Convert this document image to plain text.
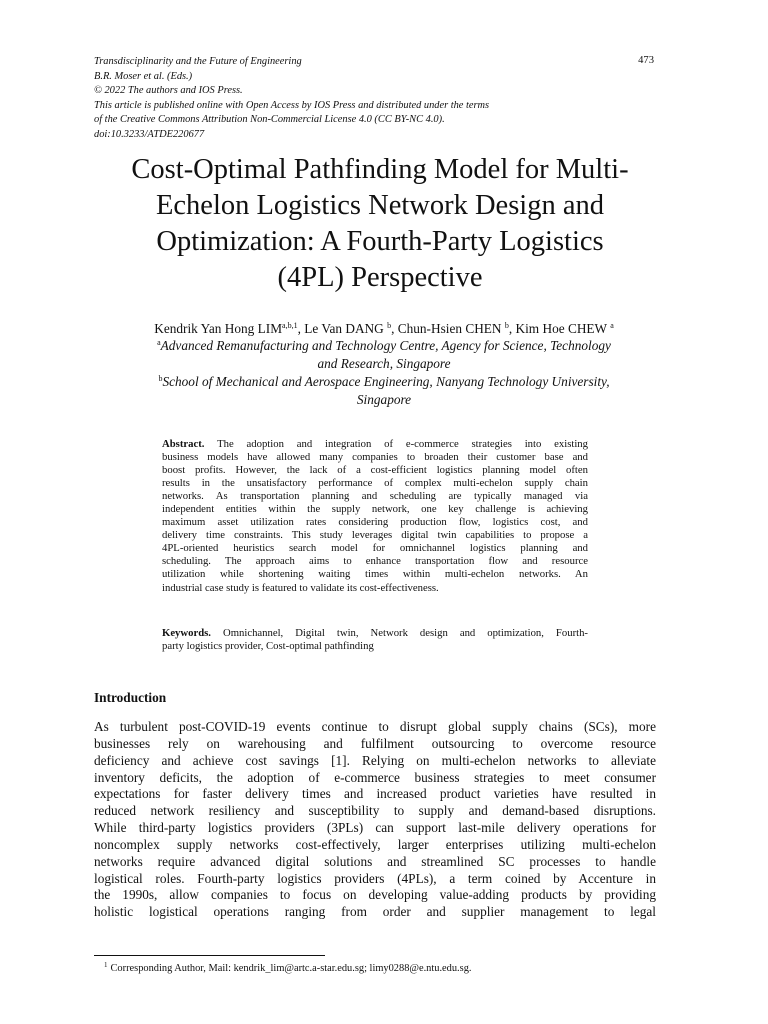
Transdisciplinarity and the Future of Engineering
B.R. Moser et al. (Eds.)
© 2022 The authors and IOS Press.
This article is published online with Open Access by IOS Press and distributed under the terms
of the Creative Commons Attribution Non-Commercial License 4.0 (CC BY-NC 4.0).
doi:10.3233/ATDE220677
473
Cost-Optimal Pathfinding Model for Multi-
Echelon Logistics Network Design and
Optimization: A Fourth-Party Logistics
(4PL) Perspective
Kendrik Yan Hong LIM$^{a,b,1}$, Le Van DANG $^b$, Chun-Hsien CHEN $^b$, Kim Hoe CHEW $^a$
$^a$Advanced Remanufacturing and Technology Centre, Agency for Science, Technology
and Research, Singapore
$^b$School of Mechanical and Aerospace Engineering, Nanyang Technology University,
Singapore
Abstract. The adoption and integration of e-commerce strategies into existing
business models have allowed many companies to broaden their customer base and
boost profits. However, the lack of a cost-efficient logistics planning model often
results in the unsatisfactory performance of complex multi-echelon supply chain
networks. As transportation planning and scheduling are typically managed via
independent entities within the supply network, one key challenge is achieving
maximum asset utilization rates considering production flow, logistics cost, and
delivery time constraints. This study leverages digital twin capabilities to propose a
4PL-oriented heuristics search model for omnichannel logistics planning and
scheduling. The approach aims to enhance transportation flow and resource
utilization while shortening waiting times within multi-echelon networks. An
industrial case study is featured to validate its cost-effectiveness.
Keywords. Omnichannel, Digital twin, Network design and optimization, Fourth-
party logistics provider, Cost-optimal pathfinding
Introduction
As turbulent post-COVID-19 events continue to disrupt global supply chains (SCs), more
businesses rely on warehousing and fulfilment outsourcing to overcome resource
deficiency and achieve cost savings [1]. Relying on multi-echelon networks to alleviate
inventory deficits, the adoption of e-commerce business strategies to meet consumer
expectations for faster delivery times and increased product varieties have resulted in
reduced network resiliency and susceptibility to supply and demand-based disruptions.
While third-party logistics providers (3PLs) can support last-mile delivery operations for
noncomplex supply networks cost-effectively, larger enterprises utilizing multi-echelon
networks require advanced digital solutions and streamlined SC processes to handle
logistical roles. Fourth-party logistics providers (4PLs), a term coined by Accenture in
the 1990s, allow companies to focus on developing value-adding products by providing
holistic logistical operations ranging from order and supplier management to legal
$^1$ Corresponding Author, Mail: kendrik_lim@artc.a-star.edu.sg; limy0288@e.ntu.edu.sg.
